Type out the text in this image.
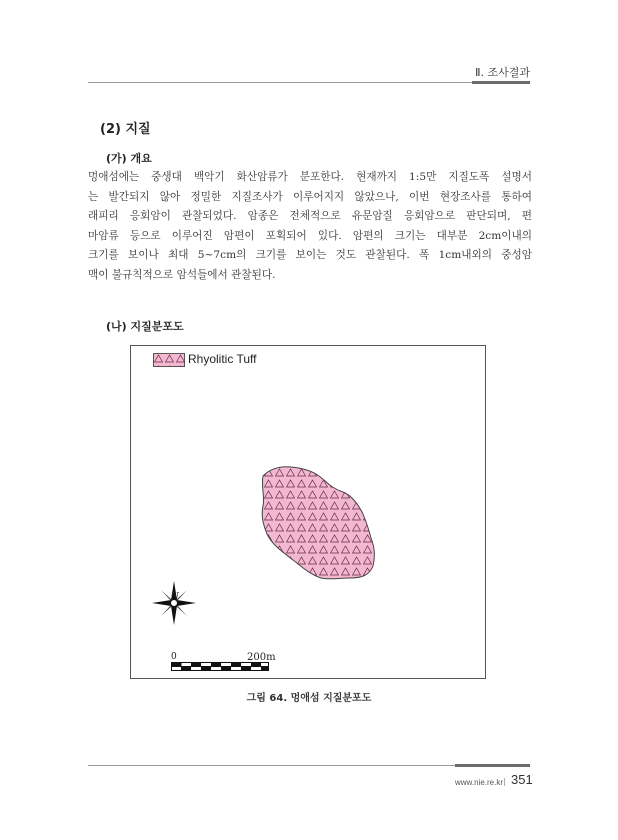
Ⅱ. 조사결과
(2) 지질
(가) 개요
멍애섬에는 중생대 백악기 화산암류가 분포한다. 현재까지 1:5만 지질도폭 설명서
는 발간되지 않아 정밀한 지질조사가 이루어지지 않았으나, 이번 현장조사를 통하여
래피리 응회암이 관찰되었다. 암종은 전체적으로 유문암질 응회암으로 판단되며, 편
마암류 등으로 이루어진 암편이 포획되어 있다. 암편의 크기는 대부분 2cm이내의
크기를 보이나 최대 5~7cm의 크기를 보이는 것도 관찰된다. 폭 1cm내외의 중성암
맥이 불규칙적으로 암석들에서 관찰된다.
(나) 지질분포도
Rhyolitic Tuff
N
0	200m
그림 64. 멍애섬 지질분포도
www.nie.re.kr | 351
